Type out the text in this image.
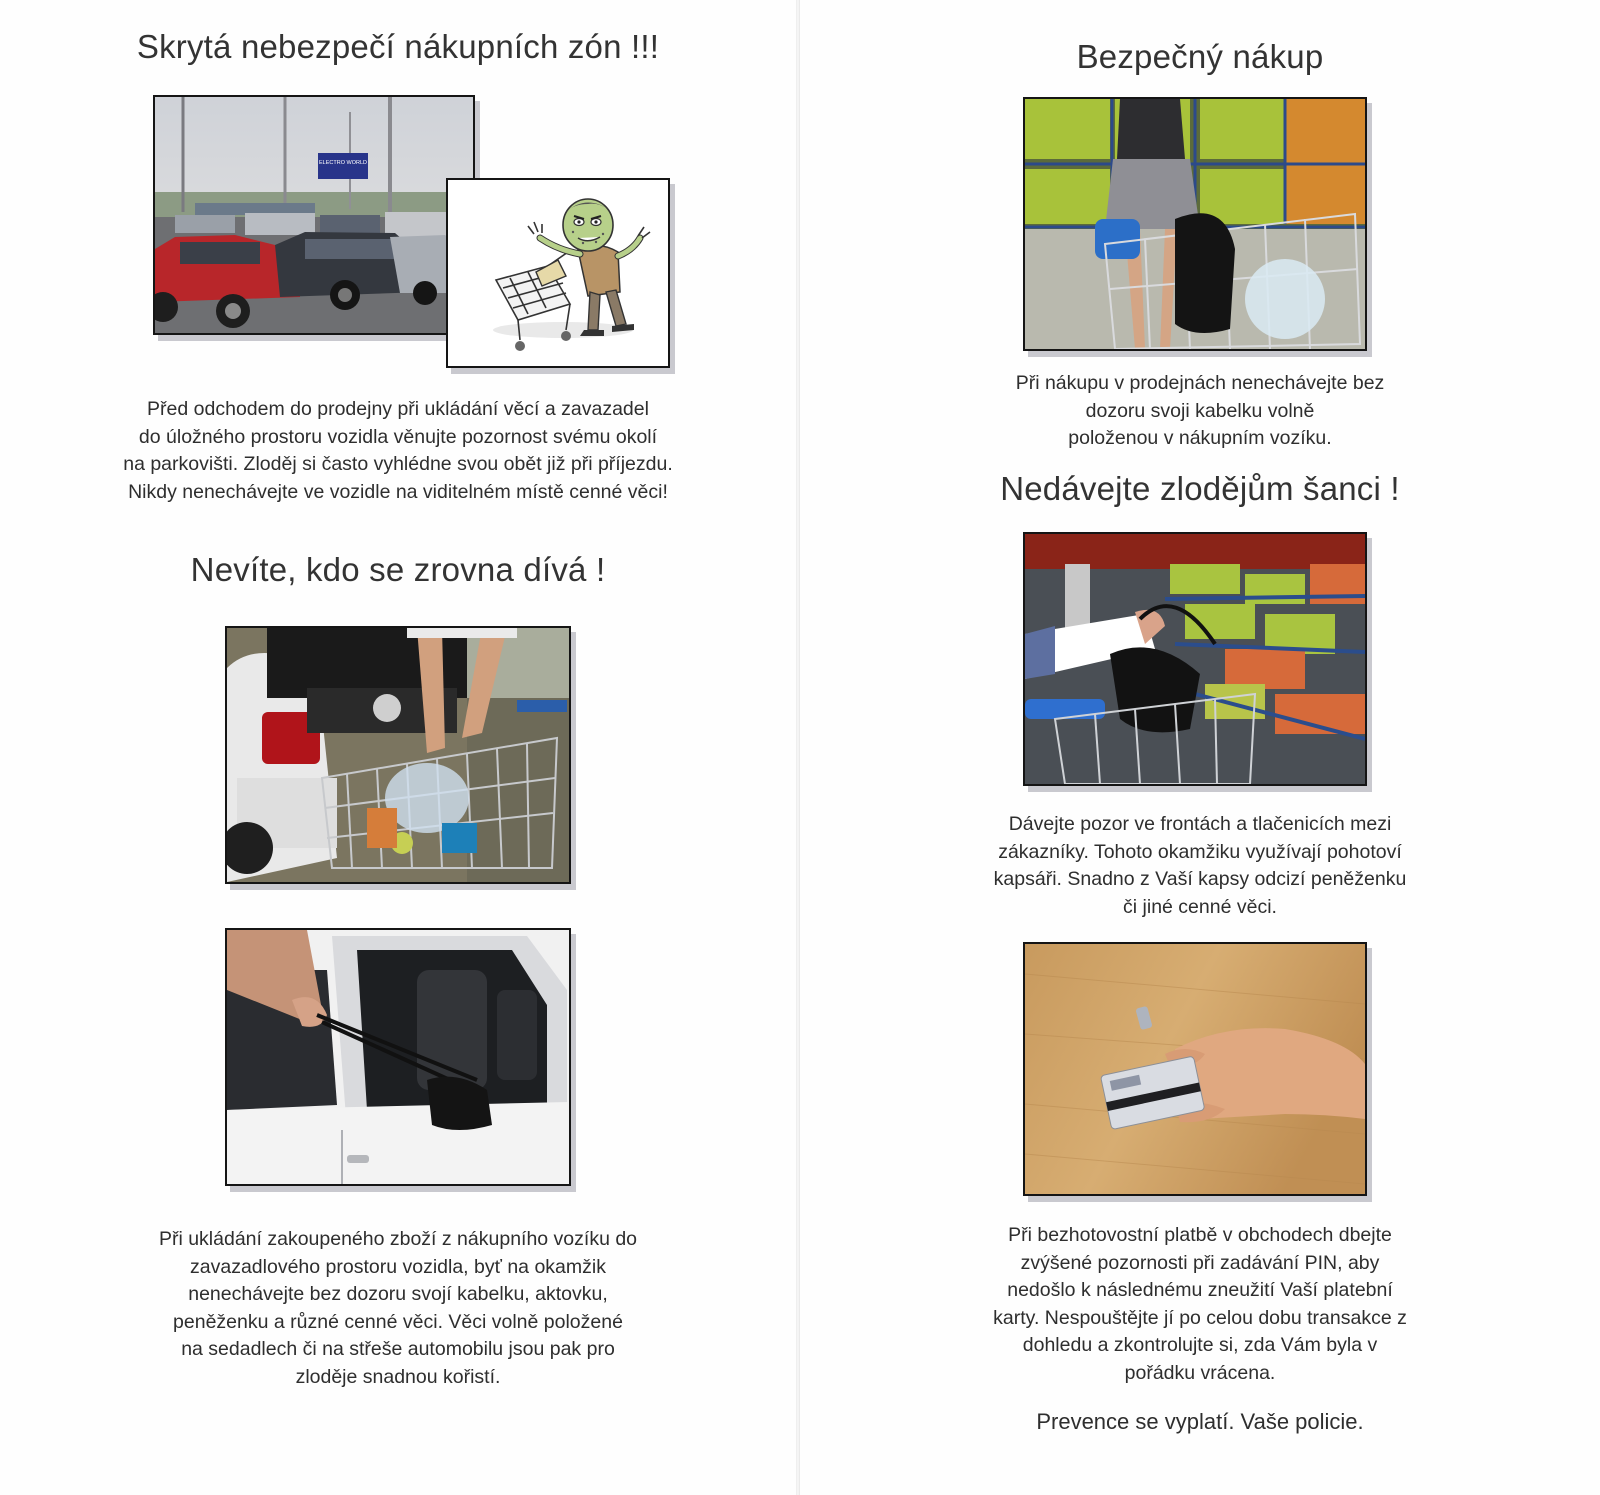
Skrytá nebezpečí nákupních zón !!!
ELECTRO WORLD

Před odchodem do prodejny při ukládání věcí a zavazadel
do úložného prostoru vozidla věnujte pozornost svému okolí
na parkovišti. Zloděj si často vyhlédne svou obět již při příjezdu.
Nikdy nenechávejte ve vozidle na viditelném místě cenné věci!

Nevíte, kdo se zrovna dívá !

Při ukládání zakoupeného zboží z nákupního vozíku do
zavazadlového prostoru vozidla, byť na okamžik
nenechávejte bez dozoru svojí kabelku, aktovku,
peněženku a různé cenné věci. Věci volně položené
na sedadlech či na střeše automobilu jsou pak pro
zloděje snadnou kořistí.

Bezpečný nákup

Při nákupu v prodejnách nenechávejte bez
dozoru svoji kabelku volně
položenou v nákupním vozíku.

Nedávejte zlodějům šanci !

Dávejte pozor ve frontách a tlačenicích mezi
zákazníky. Tohoto okamžiku využívají pohotoví
kapsáři. Snadno z Vaší kapsy odcizí peněženku
či jiné cenné věci.

Při bezhotovostní platbě v obchodech dbejte
zvýšené pozornosti při zadávání PIN, aby
nedošlo k následnému zneužití Vaší platební
karty. Nespouštějte jí po celou dobu transakce z
dohledu a zkontrolujte si, zda Vám byla v
pořádku vrácena.

Prevence se vyplatí. Vaše policie.
